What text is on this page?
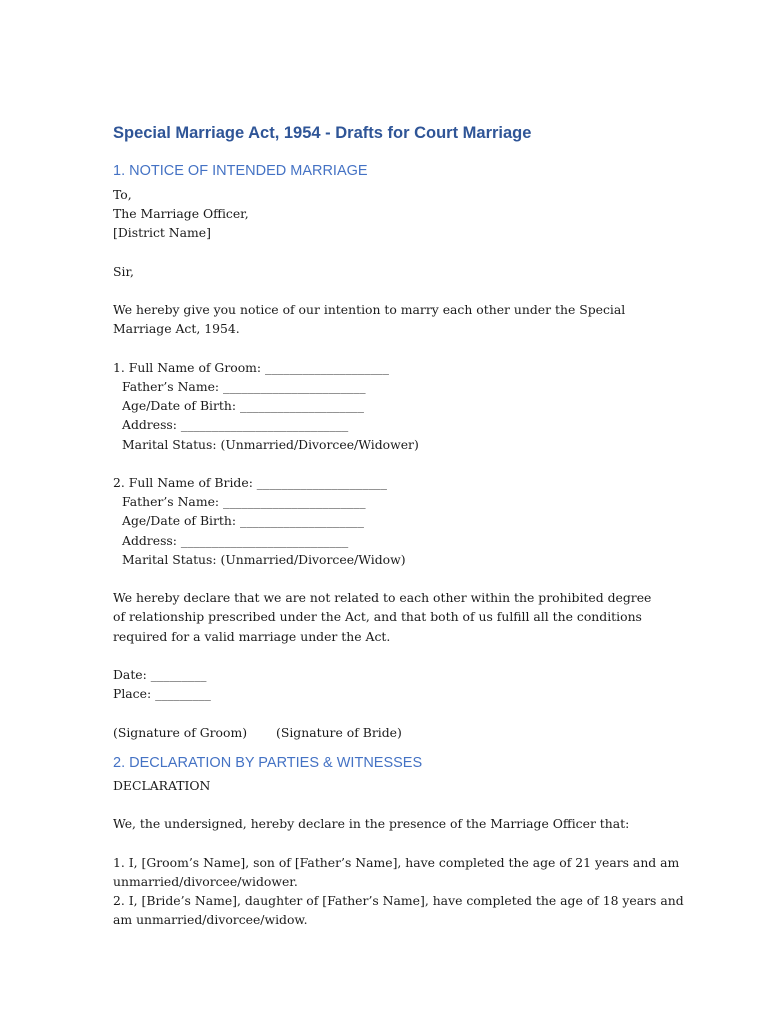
Special Marriage Act, 1954 - Drafts for Court Marriage
1. NOTICE OF INTENDED MARRIAGE
To,
The Marriage Officer,
[District Name]
Sir,
We hereby give you notice of our intention to marry each other under the Special Marriage Act, 1954.
1. Full Name of Groom: ____________________
Father’s Name: _______________________
Age/Date of Birth: ____________________
Address: ___________________________
Marital Status: (Unmarried/Divorcee/Widower)
2. Full Name of Bride: _____________________
Father’s Name: _______________________
Age/Date of Birth: ____________________
Address: ___________________________
Marital Status: (Unmarried/Divorcee/Widow)
We hereby declare that we are not related to each other within the prohibited degree of relationship prescribed under the Act, and that both of us fulfill all the conditions required for a valid marriage under the Act.
Date: _________
Place: _________
(Signature of Groom) (Signature of Bride)
2. DECLARATION BY PARTIES & WITNESSES
DECLARATION
We, the undersigned, hereby declare in the presence of the Marriage Officer that:
1. I, [Groom’s Name], son of [Father’s Name], have completed the age of 21 years and am
unmarried/divorcee/widower.
2. I, [Bride’s Name], daughter of [Father’s Name], have completed the age of 18 years and
am unmarried/divorcee/widow.
